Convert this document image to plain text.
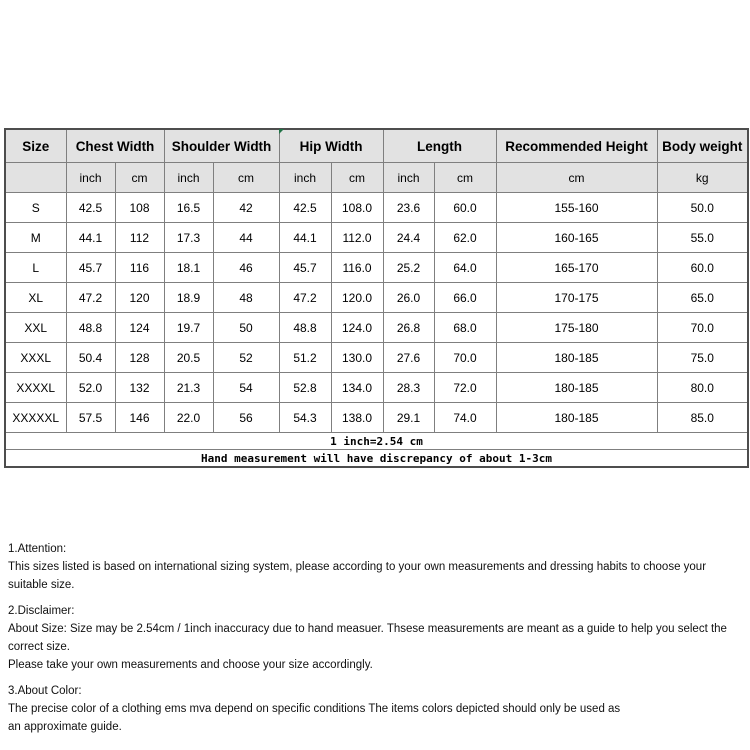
Size	Chest Width		Shoulder Width		Hip Width		Length		Recommended Height	Body weight
	inch	cm	inch	cm	inch	cm	inch	cm	cm	kg
S	42.5	108	16.5	42	42.5	108.0	23.6	60.0	155-160	50.0
M	44.1	112	17.3	44	44.1	112.0	24.4	62.0	160-165	55.0
L	45.7	116	18.1	46	45.7	116.0	25.2	64.0	165-170	60.0
XL	47.2	120	18.9	48	47.2	120.0	26.0	66.0	170-175	65.0
XXL	48.8	124	19.7	50	48.8	124.0	26.8	68.0	175-180	70.0
XXXL	50.4	128	20.5	52	51.2	130.0	27.6	70.0	180-185	75.0
XXXXL	52.0	132	21.3	54	52.8	134.0	28.3	72.0	180-185	80.0
XXXXXL	57.5	146	22.0	56	54.3	138.0	29.1	74.0	180-185	85.0
1 inch=2.54 cm										
Hand measurement will have discrepancy of about 1-3cm										

1.Attention:

This sizes listed is based on international sizing system, please according to your own measurements and dressing habits to choose your suitable size.

2.Disclaimer:

About Size: Size may be 2.54cm / 1inch inaccuracy due to hand measuer. Thsese measurements are meant as a guide to help you select the correct size.

Please take your own measurements and choose your size accordingly.

3.About Color:

The precise color of a clothing ems mva depend on specific conditions The items colors depicted should only be used as

an approximate guide.
